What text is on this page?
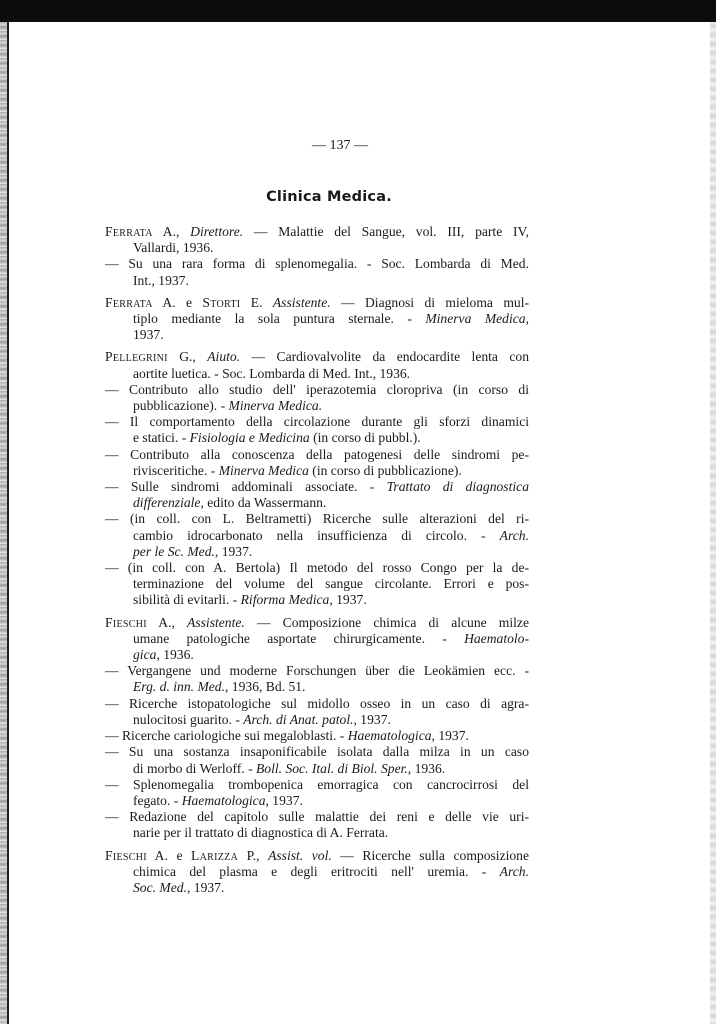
— 137 —
Clinica Medica.
Ferrata A., Direttore. — Malattie del Sangue, vol. III, parte IV,
Vallardi, 1936.
— Su una rara forma di splenomegalia. - Soc. Lombarda di Med.
Int., 1937.
Ferrata A. e Storti E. Assistente. — Diagnosi di mieloma mul-
tiplo mediante la sola puntura sternale. - Minerva Medica,
1937.
Pellegrini G., Aiuto. — Cardiovalvolite da endocardite lenta con
aortite luetica. - Soc. Lombarda di Med. Int., 1936.
— Contributo allo studio dell' iperazotemia cloropriva (in corso di
pubblicazione). - Minerva Medica.
— Il comportamento della circolazione durante gli sforzi dinamici
e statici. - Fisiologia e Medicina (in corso di pubbl.).
— Contributo alla conoscenza della patogenesi delle sindromi pe-
rivisceritiche. - Minerva Medica (in corso di pubblicazione).
— Sulle sindromi addominali associate. - Trattato di diagnostica
differenziale, edito da Wassermann.
— (in coll. con L. Beltrametti) Ricerche sulle alterazioni del ri-
cambio idrocarbonato nella insufficienza di circolo. - Arch.
per le Sc. Med., 1937.
— (in coll. con A. Bertola) Il metodo del rosso Congo per la de-
terminazione del volume del sangue circolante. Errori e pos-
sibilità di evitarli. - Riforma Medica, 1937.
Fieschi A., Assistente. — Composizione chimica di alcune milze
umane patologiche asportate chirurgicamente. - Haematolo-
gica, 1936.
— Vergangene und moderne Forschungen über die Leokämien ecc. -
Erg. d. inn. Med., 1936, Bd. 51.
— Ricerche istopatologiche sul midollo osseo in un caso di agra-
nulocitosi guarito. - Arch. di Anat. patol., 1937.
— Ricerche cariologiche sui megaloblasti. - Haematologica, 1937.
— Su una sostanza insaponificabile isolata dalla milza in un caso
di morbo di Werloff. - Boll. Soc. Ital. di Biol. Sper., 1936.
— Splenomegalia trombopenica emorragica con cancrocirrosi del
fegato. - Haematologica, 1937.
— Redazione del capitolo sulle malattie dei reni e delle vie uri-
narie per il trattato di diagnostica di A. Ferrata.
Fieschi A. e Larizza P., Assist. vol. — Ricerche sulla composizione
chimica del plasma e degli eritrociti nell' uremia. - Arch.
Soc. Med., 1937.
